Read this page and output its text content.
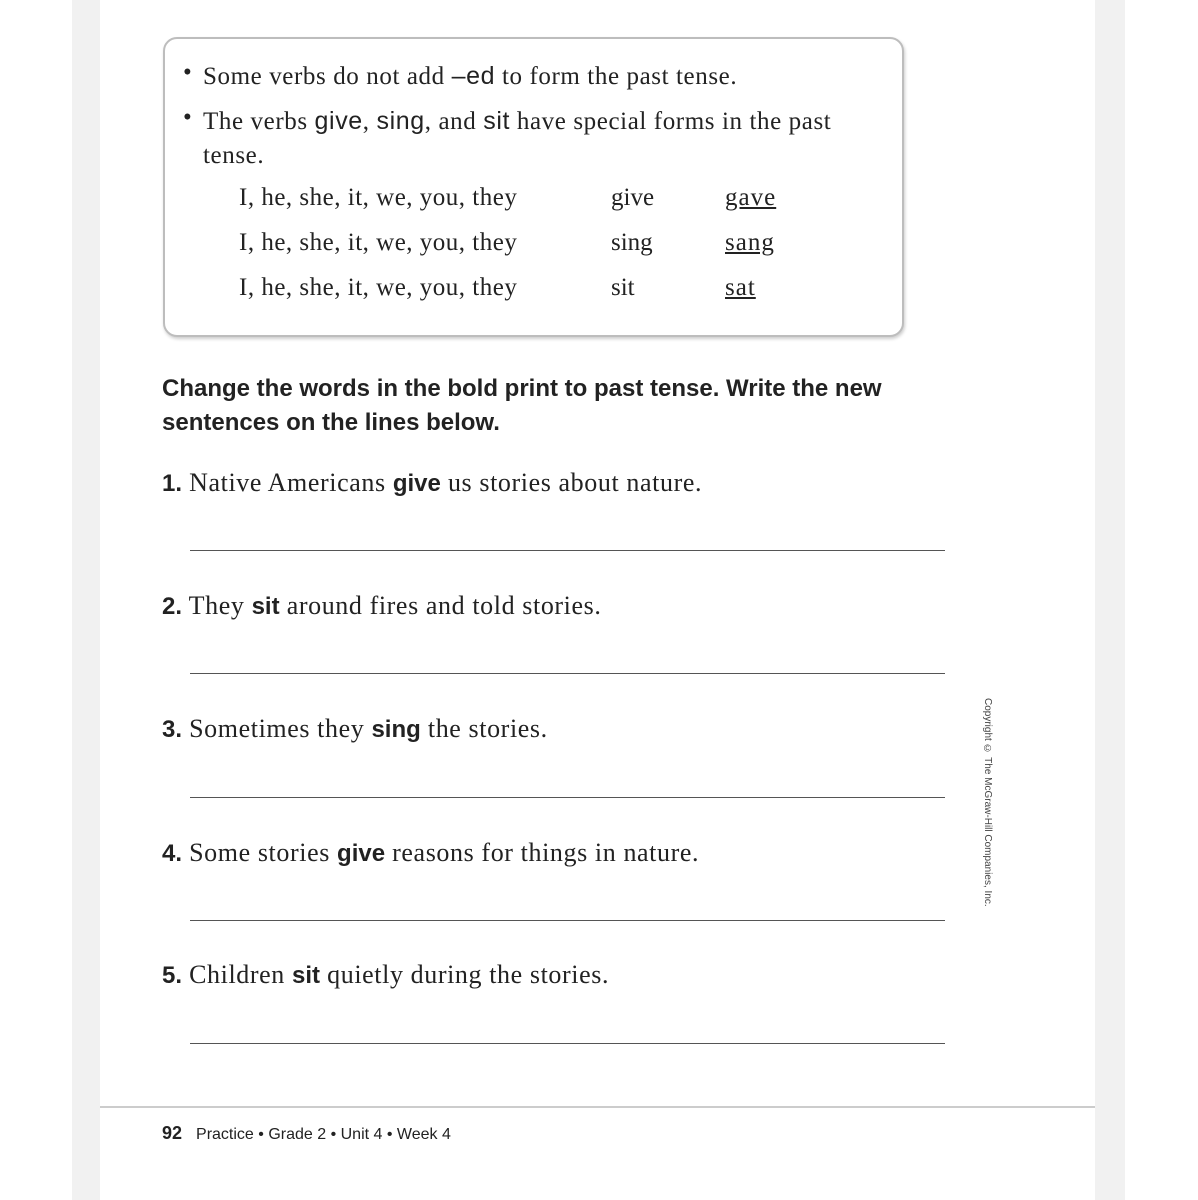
• Some verbs do not add –ed to form the past tense.
• The verbs give, sing, and sit have special forms in the past tense.
I, he, she, it, we, you, they	give	gave
I, he, she, it, we, you, they	sing	sang
I, he, she, it, we, you, they	sit	sat
Change the words in the bold print to past tense. Write the new sentences on the lines below.
1. Native Americans give us stories about nature.
2. They sit around fires and told stories.
3. Sometimes they sing the stories.
4. Some stories give reasons for things in nature.
5. Children sit quietly during the stories.
Copyright © The McGraw-Hill Companies, Inc.
92 Practice • Grade 2 • Unit 4 • Week 4
